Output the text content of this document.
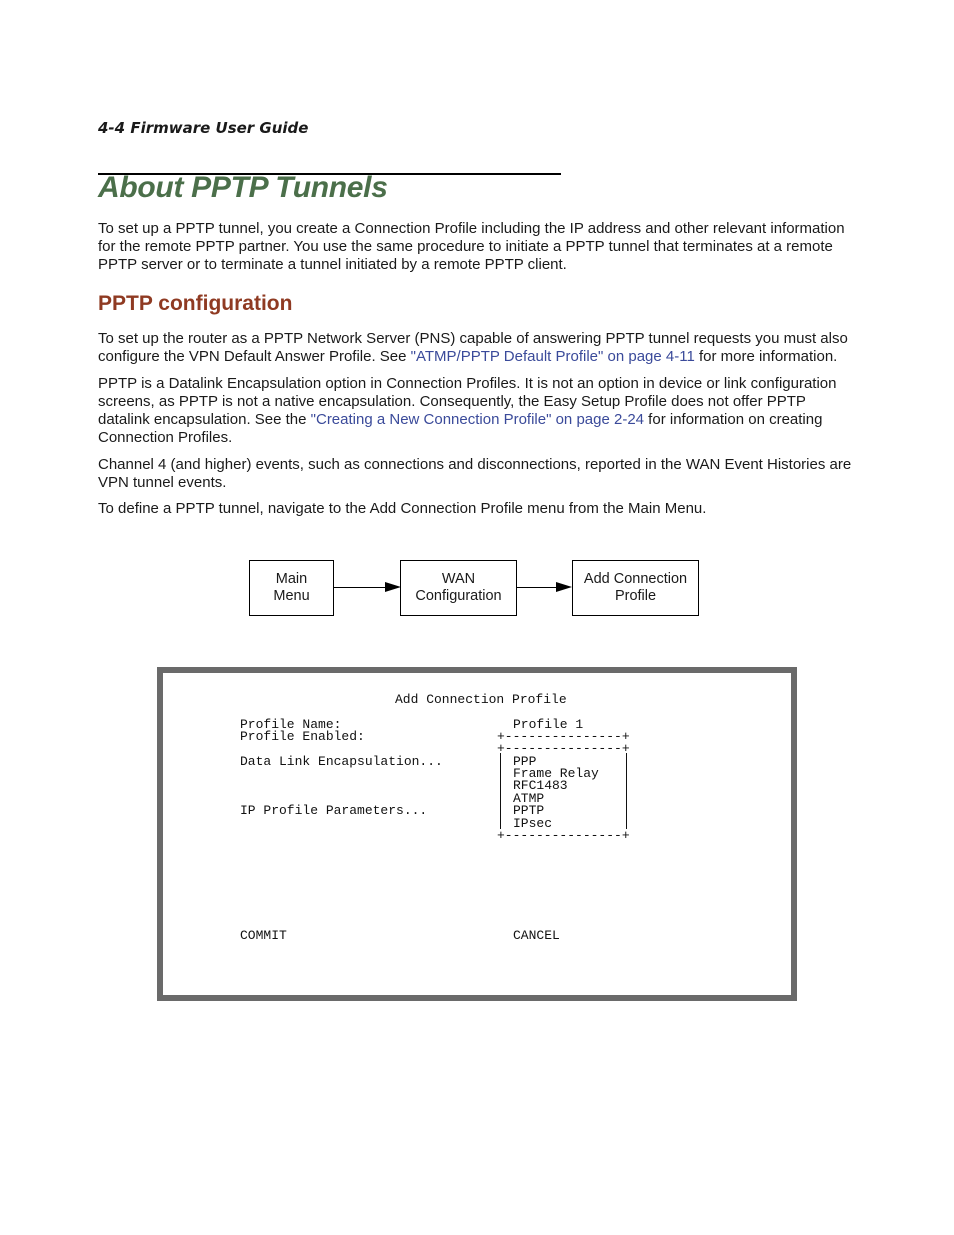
4-4 Firmware User Guide
About PPTP Tunnels

To set up a PPTP tunnel, you create a Connection Profile including the IP address and other relevant information for the remote PPTP partner. You use the same procedure to initiate a PPTP tunnel that terminates at a remote PPTP server or to terminate a tunnel initiated by a remote PPTP client.

PPTP configuration

To set up the router as a PPTP Network Server (PNS) capable of answering PPTP tunnel requests you must also configure the VPN Default Answer Profile. See "ATMP/PPTP Default Profile" on page 4-11 for more information.

PPTP is a Datalink Encapsulation option in Connection Profiles. It is not an option in device or link configuration screens, as PPTP is not a native encapsulation. Consequently, the Easy Setup Profile does not offer PPTP datalink encapsulation. See the "Creating a New Connection Profile" on page 2-24 for information on creating Connection Profiles.

Channel 4 (and higher) events, such as connections and disconnections, reported in the WAN Event Histories are VPN tunnel events.

To define a PPTP tunnel, navigate to the Add Connection Profile menu from the Main Menu.

Main
Menu
WAN
Configuration
Add Connection
Profile
Add Connection Profile
Profile Name:
Profile Enabled:
Data Link Encapsulation...
IP Profile Parameters...
Profile 1
+---------------+
+---------------+
PPP
Frame Relay
RFC1483
ATMP
PPTP
IPsec
+---------------+
COMMIT	CANCEL
